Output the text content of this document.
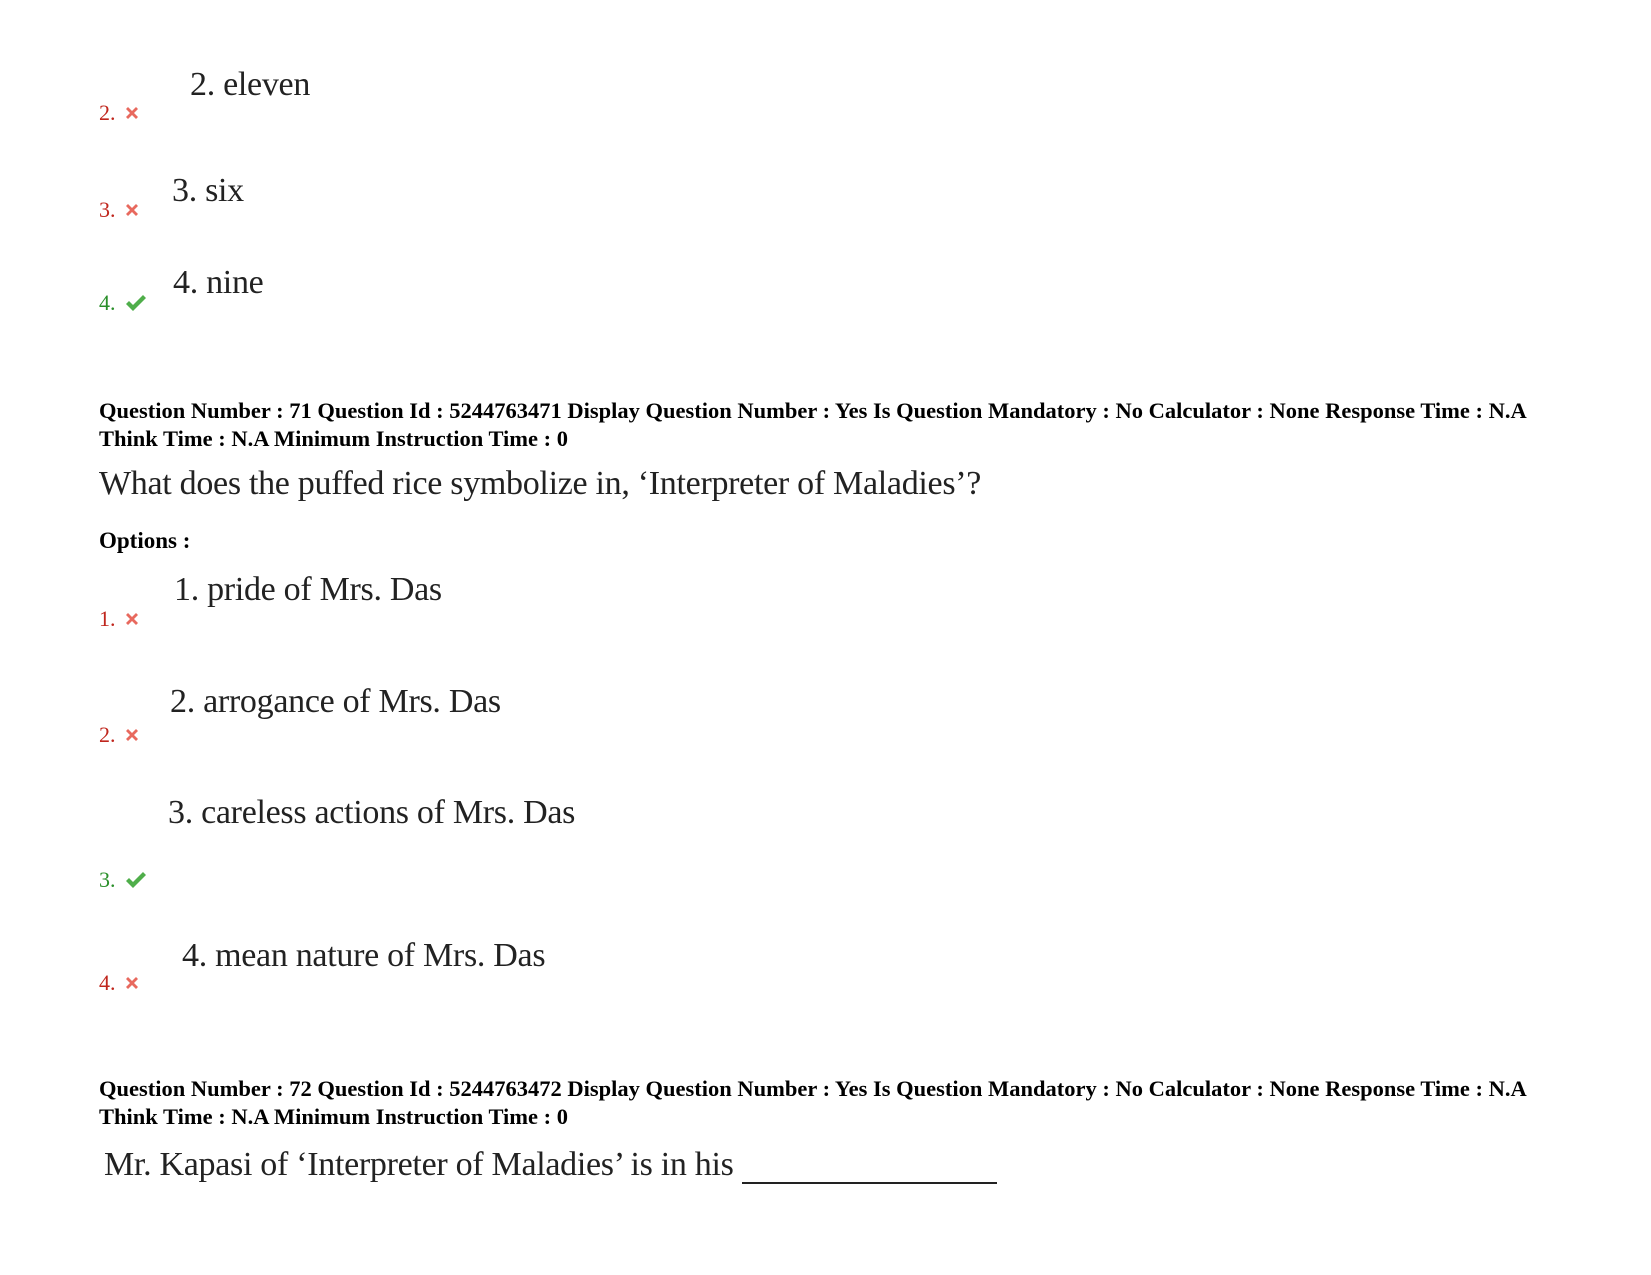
2.
2. eleven
3.
3. six
4.
4. nine
Question Number : 71 Question Id : 5244763471 Display Question Number : Yes Is Question Mandatory : No Calculator : None Response Time : N.A Think Time : N.A Minimum Instruction Time : 0
What does the puffed rice symbolize in, ‘Interpreter of Maladies’?
Options :
1.
1. pride of Mrs. Das
2.
2. arrogance of Mrs. Das
3. careless actions of Mrs. Das
3.
4.
4. mean nature of Mrs. Das
Question Number : 72 Question Id : 5244763472 Display Question Number : Yes Is Question Mandatory : No Calculator : None Response Time : N.A Think Time : N.A Minimum Instruction Time : 0
Mr. Kapasi of ‘Interpreter of Maladies’ is in his
